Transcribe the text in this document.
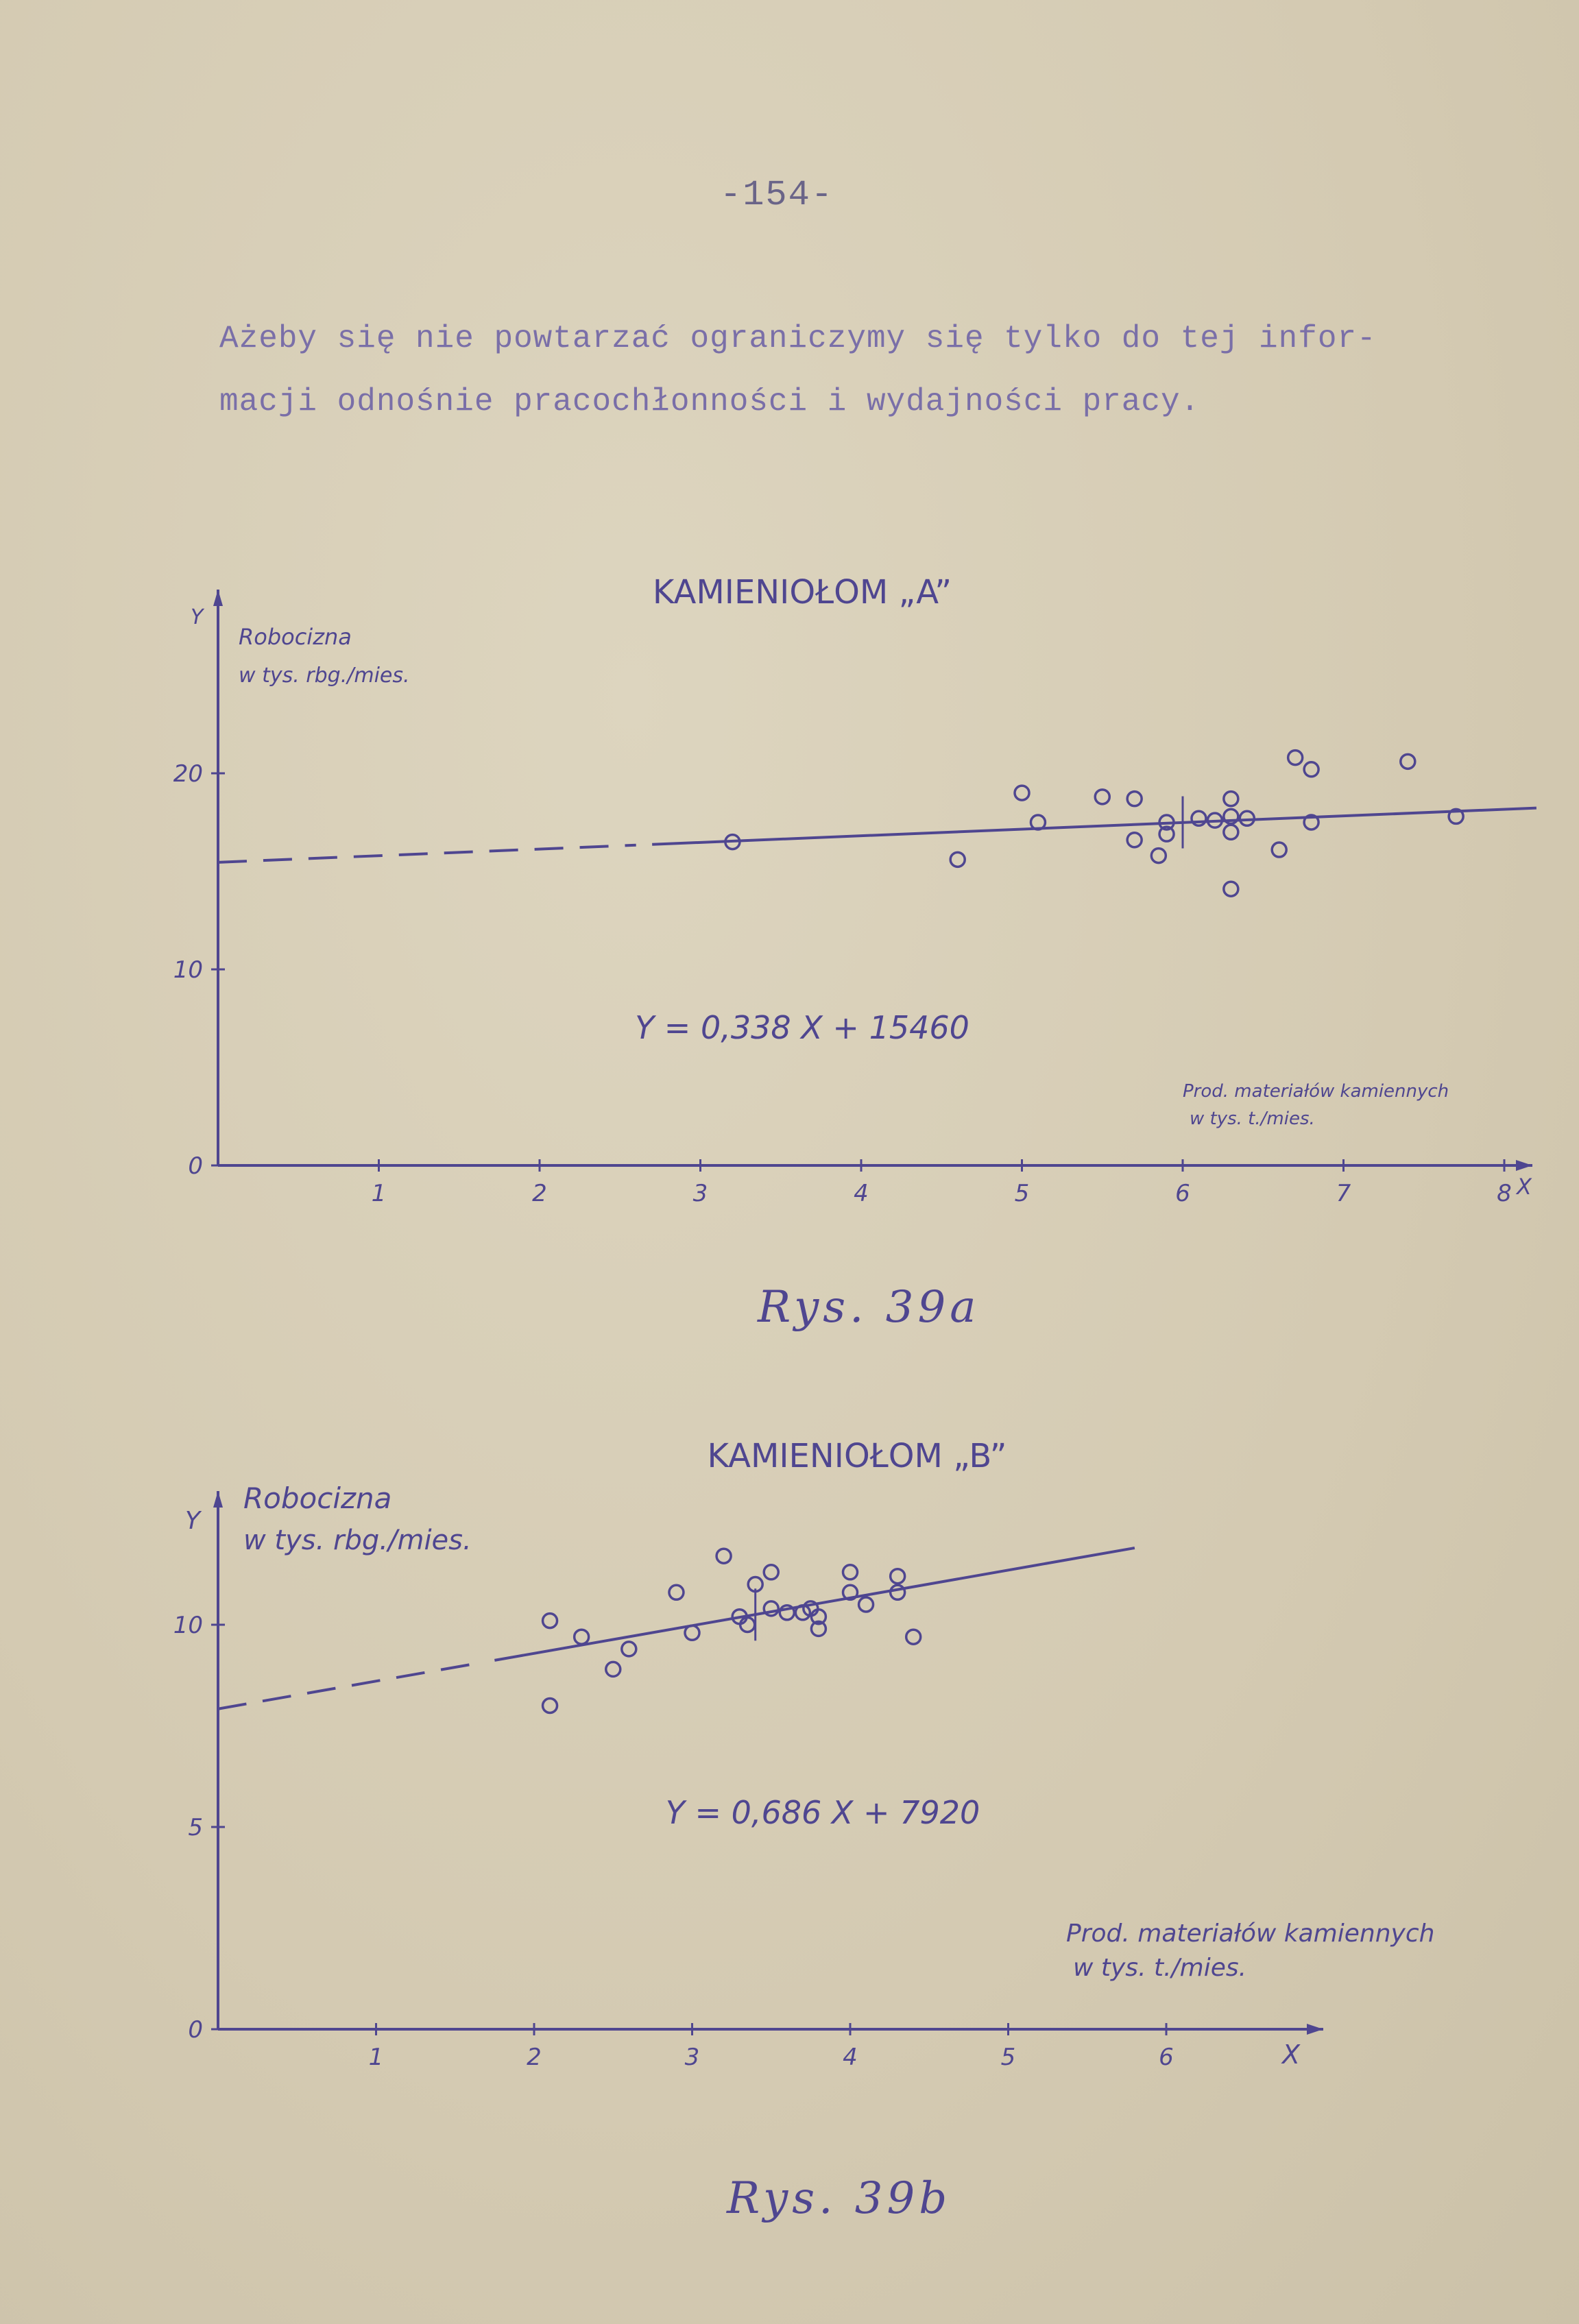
-154-
Ażeby się nie powtarzać ograniczymy się tylko do tej infor-
macji odnośnie pracochłonności i wydajności pracy.
KAMIENIOŁOM „A”
Y
Robocizna
w tys. rbg./mies.
Y = 0,338 X + 15460
Prod. materiałów kamiennych
w tys. t./mies.
X
1	2	3	4	5	6	7	8
0
10
20
Rys. 39a
KAMIENIOŁOM „B”
Y
Robocizna
w tys. rbg./mies.
Y = 0,686 X + 7920
Prod. materiałów kamiennych
w tys. t./mies.
X
1	2	3	4	5	6
0
5
10
Rys. 39b
